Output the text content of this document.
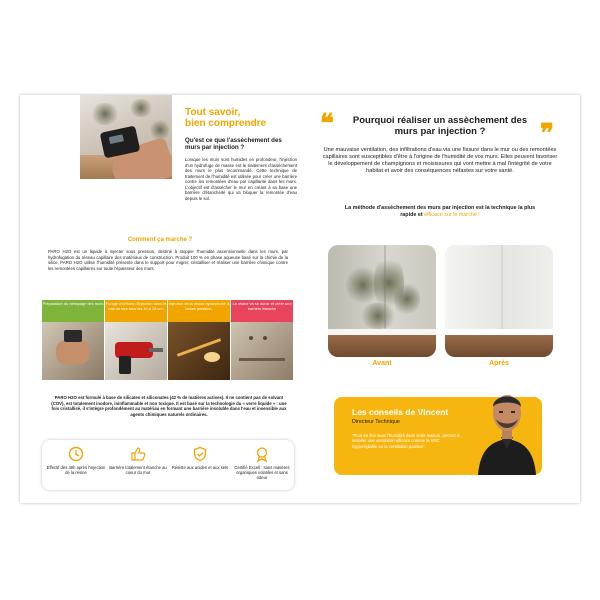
Tout savoir,
bien comprendre
Qu'est ce que l'assèchement des murs par injection ?
Lorsque les murs sont humides en profondeur, l'injection d'un hydrofuge de masse est le traitement d'assèchement des murs le plus recommandé. Cette technique de traitement de l'humidité est utilisée pour créer une barrière contre les remontées d'eau par capillarité dans les murs. L'objectif est d'assécher le mur en créant à sa base une barrière d'étanchéité qui va bloquer la remontée d'eau depuis le sol.
Comment ça marche ?
PARO H2O est un liquide à injecter sous pression, destiné à stopper l'humidité ascensionnelle dans les murs, par hydrofugation du réseau capillaire des matériaux de construction. Produit 100 % en phase aqueuse basé sur la chimie de la silice, PARO H2O utilise l'humidité présente dans le support pour migrer, cristalliser et réaliser une barrière chimique contre les remontées capillaires sur toute l'épaisseur des murs.
Préparation du nettoyage des murs Forage d'orifices d'injection dans le bas du mur tous les 10 à 15 cm.
Injection de la résine hydrophobe à basse pression.
La résine va se durcir et créer une barrière étanche
PARO H2O est formulé à base de silicates et siliconates (42 % de matières actives). Il ne contient pas de solvant (COV), est totalement inodore, ininflammable et non toxique. Il est basé sur la technologie du « verre liquide » : une fois cristallisé, il s'intègre profondément au matériau en formant une barrière insoluble dans l'eau et insensible aux agents chimiques naturels ordinaires.
Effectif dès 48h après l'injection de la résine
Barrière totalement étanche au coeur du mur
Résiste aux acides et aux sels	Certifié Excell : sans matières organiques volatiles et sans odeur
❝	❞
Pourquoi réaliser un assèchement des murs par injection ?
Une mauvaise ventilation, des infiltrations d'eau via une fissure dans le mur ou des remontées capillaires sont susceptibles d'être à l'origine de l'humidité de vos murs. Elles peuvent favoriser le développement de champignons et moisissures qui vont mettre à mal l'intégrité de votre habitat et avoir des conséquences néfastes sur votre santé.
La méthode d'assèchement des murs par injection est la technique la plus rapide et efficace sur le marché !
Avant	Après
Les conseils de Vincent
Directeur Technique
"Pour en finir avec l'humidité dans votre maison, pensez à installer une ventilation efficace comme la VMC hygroréglable ou la ventilation positive".
